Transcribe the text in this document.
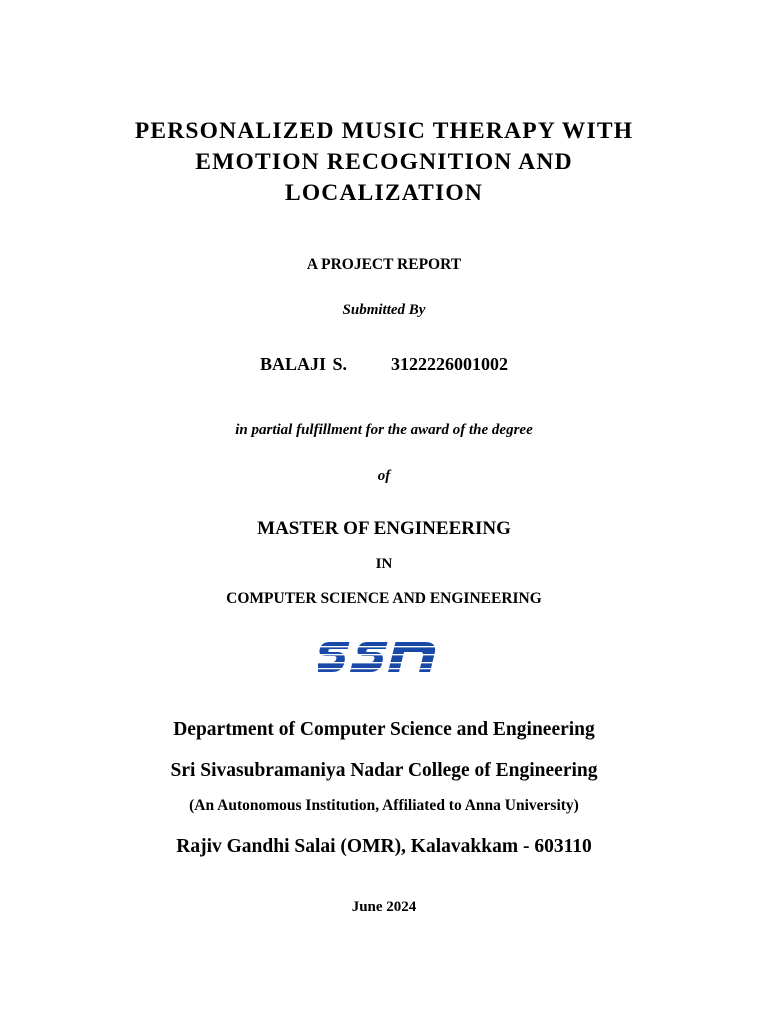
PERSONALIZED MUSIC THERAPY WITH
EMOTION RECOGNITION AND
LOCALIZATION
A PROJECT REPORT
Submitted By
BALAJI S. 3122226001002
in partial fulfillment for the award of the degree
of
MASTER OF ENGINEERING
IN
COMPUTER SCIENCE AND ENGINEERING
Department of Computer Science and Engineering
Sri Sivasubramaniya Nadar College of Engineering
(An Autonomous Institution, Affiliated to Anna University)
Rajiv Gandhi Salai (OMR), Kalavakkam - 603110
June 2024
